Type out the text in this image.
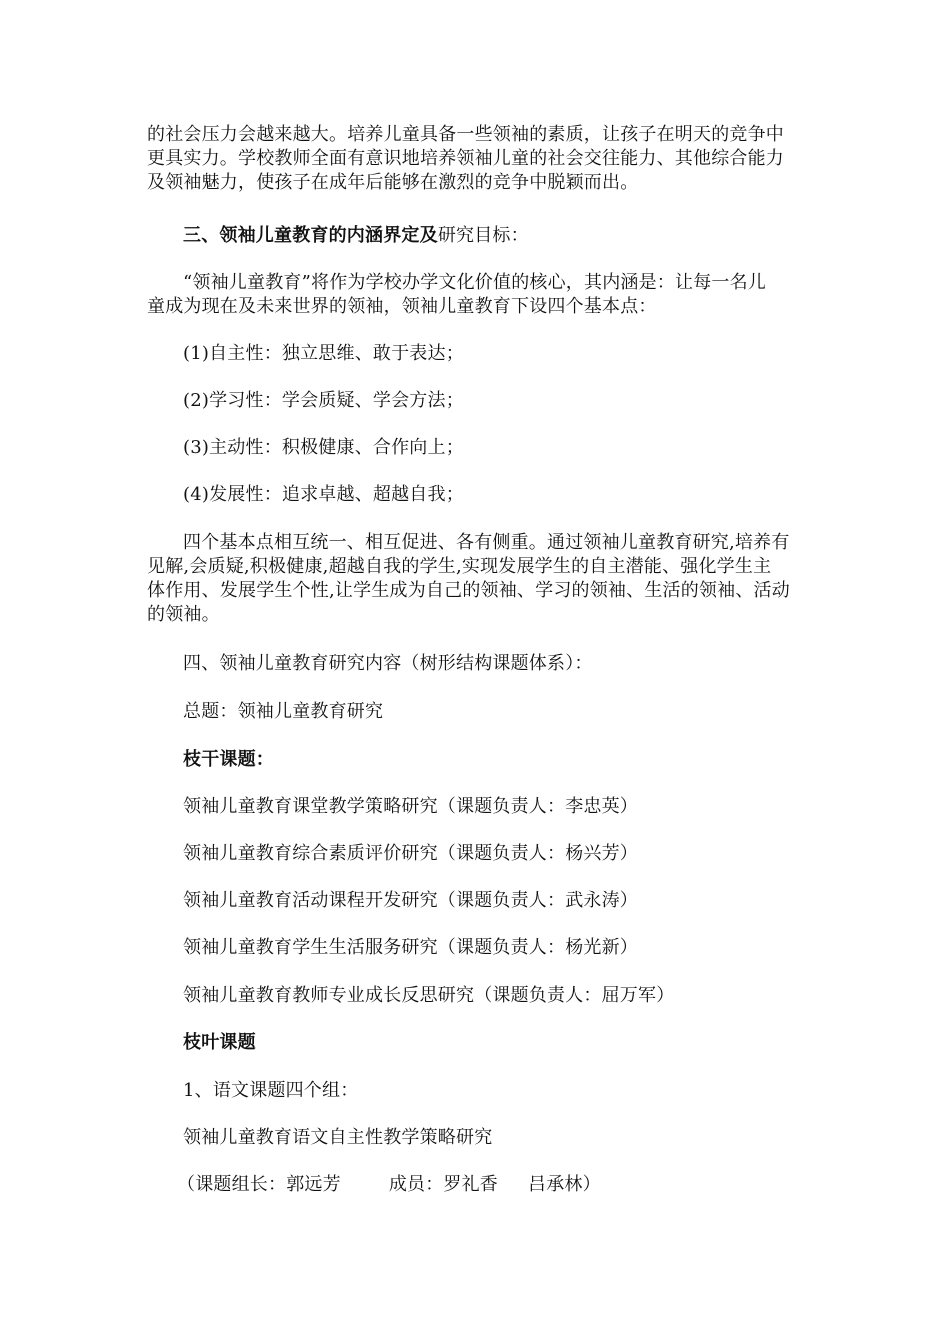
的社会压力会越来越大。培养儿童具备一些领袖的素质，让孩子在明天的竞争中
更具实力。学校教师全面有意识地培养领袖儿童的社会交往能力、其他综合能力
及领袖魅力，使孩子在成年后能够在激烈的竞争中脱颖而出。
三、领袖儿童教育的内涵界定及研究目标：
“领袖儿童教育”将作为学校办学文化价值的核心，其内涵是：让每一名儿
童成为现在及未来世界的领袖，领袖儿童教育下设四个基本点：
(1)自主性：独立思维、敢于表达；
(2)学习性：学会质疑、学会方法；
(3)主动性：积极健康、合作向上；
(4)发展性：追求卓越、超越自我；
四个基本点相互统一、相互促进、各有侧重。通过领袖儿童教育研究,培养有
见解,会质疑,积极健康,超越自我的学生,实现发展学生的自主潜能、强化学生主
体作用、发展学生个性,让学生成为自己的领袖、学习的领袖、生活的领袖、活动
的领袖。
四、领袖儿童教育研究内容（树形结构课题体系）：
总题：领袖儿童教育研究
枝干课题：
领袖儿童教育课堂教学策略研究（课题负责人：李忠英）
领袖儿童教育综合素质评价研究（课题负责人：杨兴芳）
领袖儿童教育活动课程开发研究（课题负责人：武永涛）
领袖儿童教育学生生活服务研究（课题负责人：杨光新）
领袖儿童教育教师专业成长反思研究（课题负责人：屈万军）
枝叶课题
1、语文课题四个组：
领袖儿童教育语文自主性教学策略研究
（课题组长：郭远芳	成员：罗礼香 吕承林）
